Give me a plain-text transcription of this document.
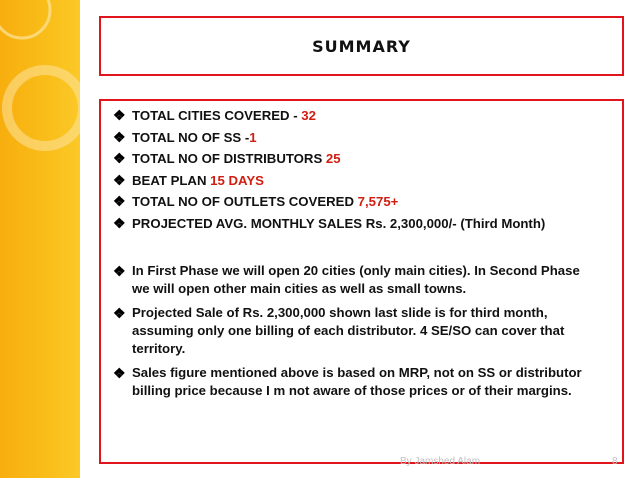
SUMMARY
❖ TOTAL CITIES COVERED - 32
❖ TOTAL NO OF SS -1
❖ TOTAL NO OF DISTRIBUTORS 25
❖ BEAT PLAN 15 DAYS
❖ TOTAL NO OF OUTLETS COVERED 7,575+
❖ PROJECTED AVG. MONTHLY SALES Rs. 2,300,000/- (Third Month)
❖ In First Phase we will open 20 cities (only main cities). In Second Phase we will open other main cities as well as small towns.
❖ Projected Sale of Rs. 2,300,000 shown last slide is for third month, assuming only one billing of each distributor. 4 SE/SO can cover that territory.
❖ Sales figure mentioned above is based on MRP, not on SS or distributor billing price because I m not aware of those prices or of their margins.
By Jamshed Alam	8
